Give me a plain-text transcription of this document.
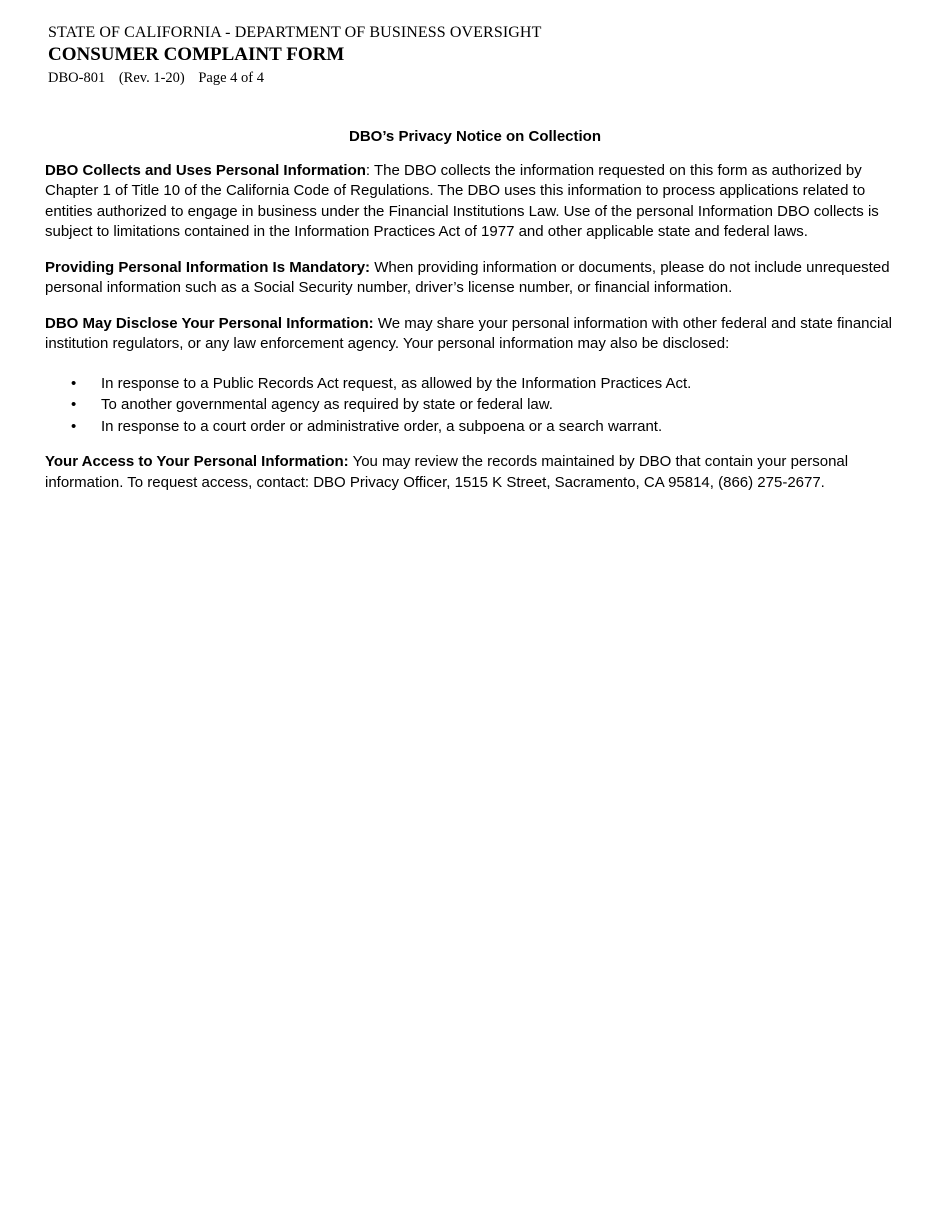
STATE OF CALIFORNIA - DEPARTMENT OF BUSINESS OVERSIGHT
CONSUMER COMPLAINT FORM
DBO-801 (Rev. 1-20) Page 4 of 4
DBO’s Privacy Notice on Collection

DBO Collects and Uses Personal Information: The DBO collects the information requested on this form as authorized by Chapter 1 of Title 10 of the California Code of Regulations. The DBO uses this information to process applications related to entities authorized to engage in business under the Financial Institutions Law. Use of the personal Information DBO collects is subject to limitations contained in the Information Practices Act of 1977 and other applicable state and federal laws.

Providing Personal Information Is Mandatory: When providing information or documents, please do not include unrequested personal information such as a Social Security number, driver’s license number, or financial information.

DBO May Disclose Your Personal Information: We may share your personal information with other federal and state financial institution regulators, or any law enforcement agency. Your personal information may also be disclosed:

• In response to a Public Records Act request, as allowed by the Information Practices Act.
• To another governmental agency as required by state or federal law.
• In response to a court order or administrative order, a subpoena or a search warrant.

Your Access to Your Personal Information: You may review the records maintained by DBO that contain your personal information. To request access, contact: DBO Privacy Officer, 1515 K Street, Sacramento, CA 95814, (866) 275-2677.
